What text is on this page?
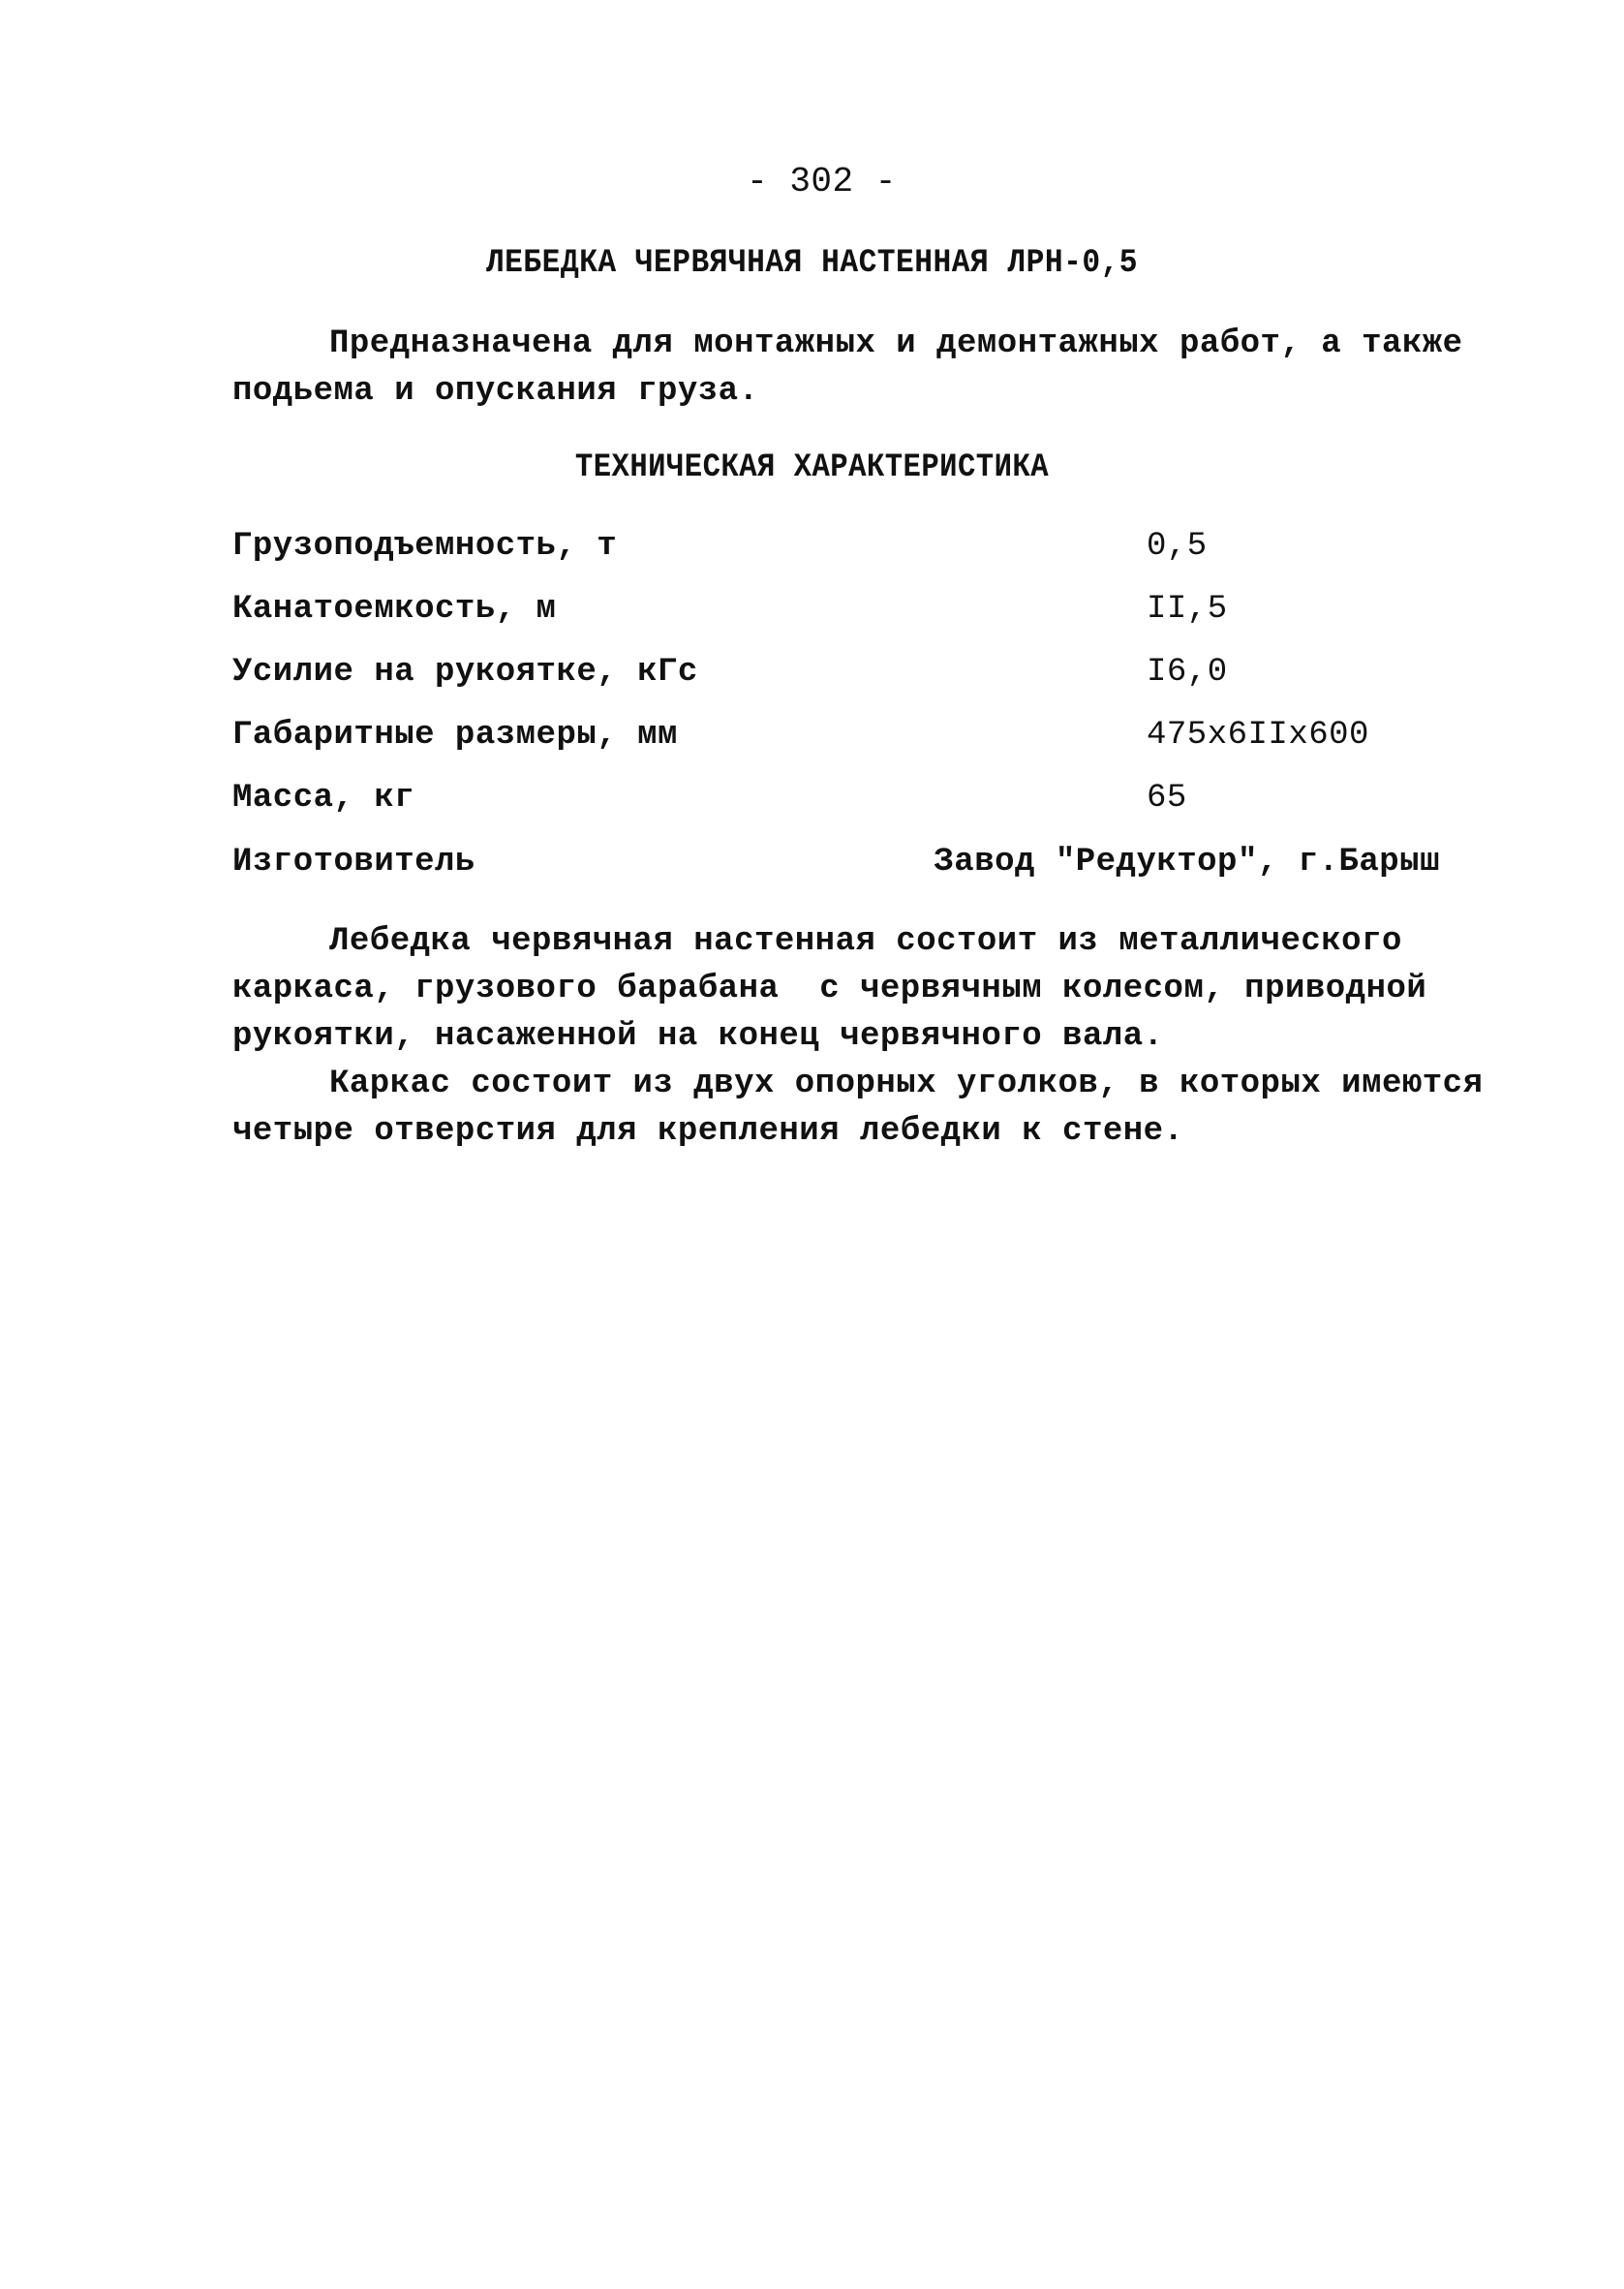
- 302 -
ЛЕБЕДКА ЧЕРВЯЧНАЯ НАСТЕННАЯ ЛРН-0,5
Предназначена для монтажных и демонтажных работ, а также
подьема и опускания груза.
ТЕХНИЧЕСКАЯ ХАРАКТЕРИСТИКА
Грузоподъемность, т	0,5
Канатоемкость, м	II,5
Усилие на рукоятке, кГс	I6,0
Габаритные размеры, мм	475x6IIx600
Масса, кг	65
Изготовитель	Завод "Редуктор", г.Барыш
Лебедка червячная настенная состоит из металлического
каркаса, грузового барабана  с червячным колесом, приводной
рукоятки, насаженной на конец червячного вала.
Каркас состоит из двух опорных уголков, в которых имеются
четыре отверстия для крепления лебедки к стене.
